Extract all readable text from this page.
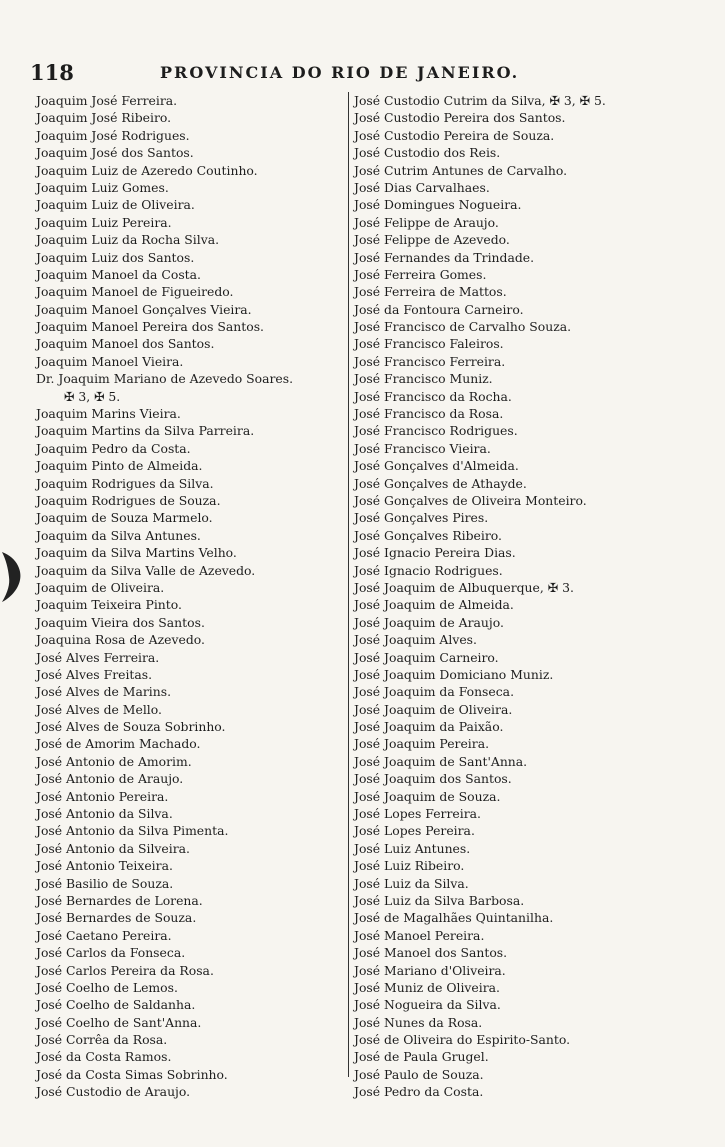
118	PROVINCIA DO RIO DE JANEIRO.
Joaquim José Ferreira.
Joaquim José Ribeiro.
Joaquim José Rodrigues.
Joaquim José dos Santos.
Joaquim Luiz de Azeredo Coutinho.
Joaquim Luiz Gomes.
Joaquim Luiz de Oliveira.
Joaquim Luiz Pereira.
Joaquim Luiz da Rocha Silva.
Joaquim Luiz dos Santos.
Joaquim Manoel da Costa.
Joaquim Manoel de Figueiredo.
Joaquim Manoel Gonçalves Vieira.
Joaquim Manoel Pereira dos Santos.
Joaquim Manoel dos Santos.
Joaquim Manoel Vieira.
Dr. Joaquim Mariano de Azevedo Soares.
✠ 3, ✠ 5.
Joaquim Marins Vieira.
Joaquim Martins da Silva Parreira.
Joaquim Pedro da Costa.
Joaquim Pinto de Almeida.
Joaquim Rodrigues da Silva.
Joaquim Rodrigues de Souza.
Joaquim de Souza Marmelo.
Joaquim da Silva Antunes.
Joaquim da Silva Martins Velho.
Joaquim da Silva Valle de Azevedo.
Joaquim de Oliveira.
Joaquim Teixeira Pinto.
Joaquim Vieira dos Santos.
Joaquina Rosa de Azevedo.
José Alves Ferreira.
José Alves Freitas.
José Alves de Marins.
José Alves de Mello.
José Alves de Souza Sobrinho.
José de Amorim Machado.
José Antonio de Amorim.
José Antonio de Araujo.
José Antonio Pereira.
José Antonio da Silva.
José Antonio da Silva Pimenta.
José Antonio da Silveira.
José Antonio Teixeira.
José Basilio de Souza.
José Bernardes de Lorena.
José Bernardes de Souza.
José Caetano Pereira.
José Carlos da Fonseca.
José Carlos Pereira da Rosa.
José Coelho de Lemos.
José Coelho de Saldanha.
José Coelho de Sant'Anna.
José Corrêa da Rosa.
José da Costa Ramos.
José da Costa Simas Sobrinho.
José Custodio de Araujo.
José Custodio Cutrim da Silva, ✠ 3, ✠ 5.
José Custodio Pereira dos Santos.
José Custodio Pereira de Souza.
José Custodio dos Reis.
José Cutrim Antunes de Carvalho.
José Dias Carvalhaes.
José Domingues Nogueira.
José Felippe de Araujo.
José Felippe de Azevedo.
José Fernandes da Trindade.
José Ferreira Gomes.
José Ferreira de Mattos.
José da Fontoura Carneiro.
José Francisco de Carvalho Souza.
José Francisco Faleiros.
José Francisco Ferreira.
José Francisco Muniz.
José Francisco da Rocha.
José Francisco da Rosa.
José Francisco Rodrigues.
José Francisco Vieira.
José Gonçalves d'Almeida.
José Gonçalves de Athayde.
José Gonçalves de Oliveira Monteiro.
José Gonçalves Pires.
José Gonçalves Ribeiro.
José Ignacio Pereira Dias.
José Ignacio Rodrigues.
José Joaquim de Albuquerque, ✠ 3.
José Joaquim de Almeida.
José Joaquim de Araujo.
José Joaquim Alves.
José Joaquim Carneiro.
José Joaquim Domiciano Muniz.
José Joaquim da Fonseca.
José Joaquim de Oliveira.
José Joaquim da Paixão.
José Joaquim Pereira.
José Joaquim de Sant'Anna.
José Joaquim dos Santos.
José Joaquim de Souza.
José Lopes Ferreira.
José Lopes Pereira.
José Luiz Antunes.
José Luiz Ribeiro.
José Luiz da Silva.
José Luiz da Silva Barbosa.
José de Magalhães Quintanilha.
José Manoel Pereira.
José Manoel dos Santos.
José Mariano d'Oliveira.
José Muniz de Oliveira.
José Nogueira da Silva.
José Nunes da Rosa.
José de Oliveira do Espirito-Santo.
José de Paula Grugel.
José Paulo de Souza.
José Pedro da Costa.
